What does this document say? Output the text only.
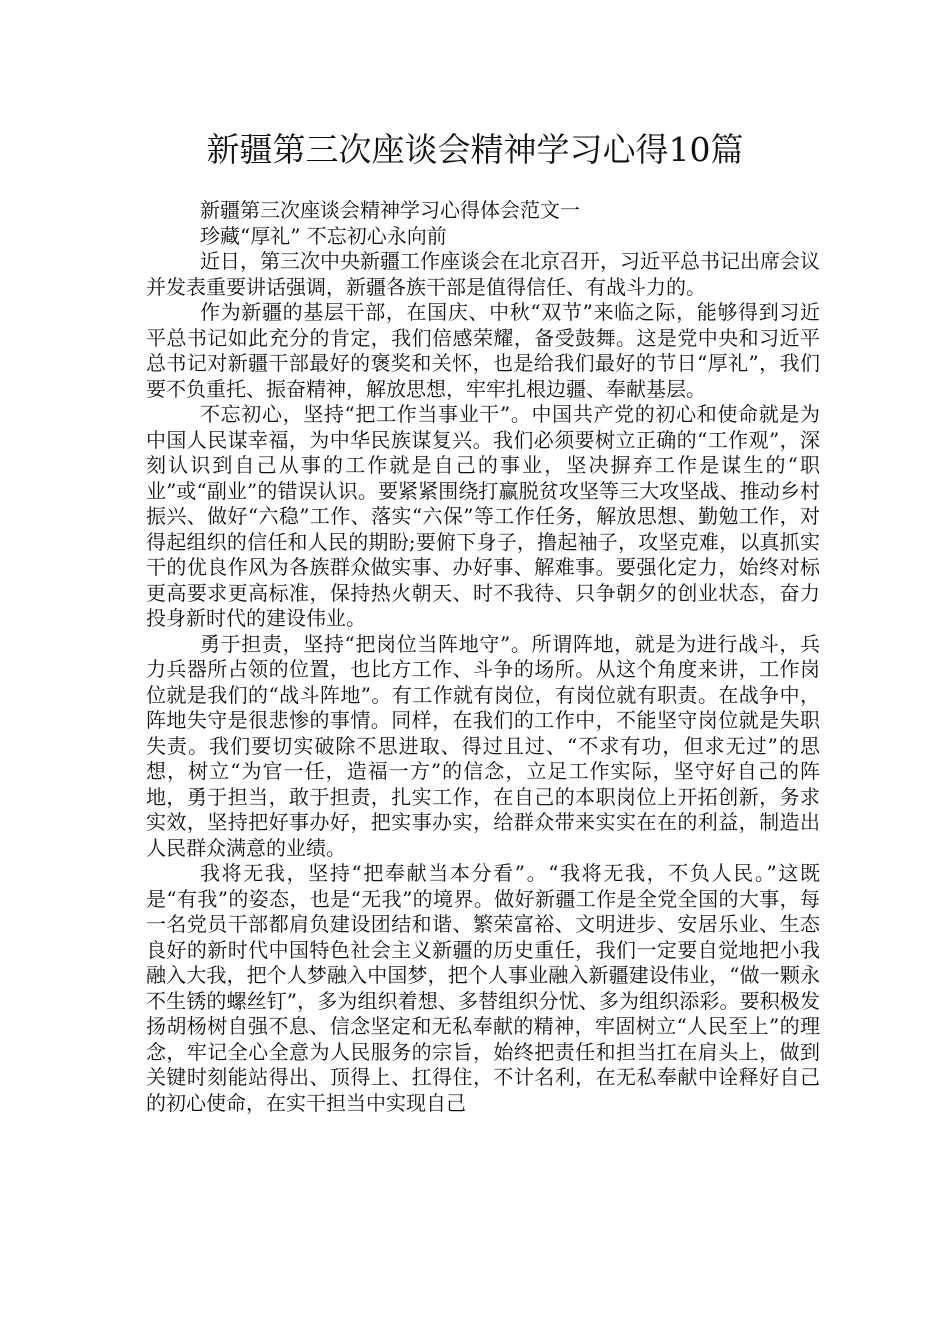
新疆第三次座谈会精神学习心得10篇

新疆第三次座谈会精神学习心得体会范文一

珍藏“厚礼” 不忘初心永向前

近日，第三次中央新疆工作座谈会在北京召开，习近平总书记出席会议并发表重要讲话强调，新疆各族干部是值得信任、有战斗力的。

作为新疆的基层干部，在国庆、中秋“双节”来临之际，能够得到习近平总书记如此充分的肯定，我们倍感荣耀，备受鼓舞。这是党中央和习近平总书记对新疆干部最好的褒奖和关怀，也是给我们最好的节日“厚礼”，我们要不负重托、振奋精神，解放思想，牢牢扎根边疆、奉献基层。

不忘初心，坚持“把工作当事业干”。中国共产党的初心和使命就是为中国人民谋幸福，为中华民族谋复兴。我们必须要树立正确的“工作观”，深刻认识到自己从事的工作就是自己的事业，坚决摒弃工作是谋生的“职业”或“副业”的错误认识。要紧紧围绕打赢脱贫攻坚等三大攻坚战、推动乡村振兴、做好“六稳”工作、落实“六保”等工作任务，解放思想、勤勉工作，对得起组织的信任和人民的期盼;要俯下身子，撸起袖子，攻坚克难，以真抓实干的优良作风为各族群众做实事、办好事、解难事。要强化定力，始终对标更高要求更高标准，保持热火朝天、时不我待、只争朝夕的创业状态，奋力投身新时代的建设伟业。

勇于担责，坚持“把岗位当阵地守”。所谓阵地，就是为进行战斗，兵力兵器所占领的位置，也比方工作、斗争的场所。从这个角度来讲，工作岗位就是我们的“战斗阵地”。有工作就有岗位，有岗位就有职责。在战争中，阵地失守是很悲惨的事情。同样，在我们的工作中，不能坚守岗位就是失职失责。我们要切实破除不思进取、得过且过、“不求有功，但求无过”的思想，树立“为官一任，造福一方”的信念，立足工作实际，坚守好自己的阵地，勇于担当，敢于担责，扎实工作，在自己的本职岗位上开拓创新，务求实效，坚持把好事办好，把实事办实，给群众带来实实在在的利益，制造出人民群众满意的业绩。

我将无我，坚持“把奉献当本分看”。“我将无我，不负人民。”这既是“有我”的姿态，也是“无我”的境界。做好新疆工作是全党全国的大事，每一名党员干部都肩负建设团结和谐、繁荣富裕、文明进步、安居乐业、生态良好的新时代中国特色社会主义新疆的历史重任，我们一定要自觉地把小我融入大我，把个人梦融入中国梦，把个人事业融入新疆建设伟业，“做一颗永不生锈的螺丝钉”，多为组织着想、多替组织分忧、多为组织添彩。要积极发扬胡杨树自强不息、信念坚定和无私奉献的精神，牢固树立“人民至上”的理念，牢记全心全意为人民服务的宗旨，始终把责任和担当扛在肩头上，做到关键时刻能站得出、顶得上、扛得住，不计名利，在无私奉献中诠释好自己的初心使命，在实干担当中实现自己
